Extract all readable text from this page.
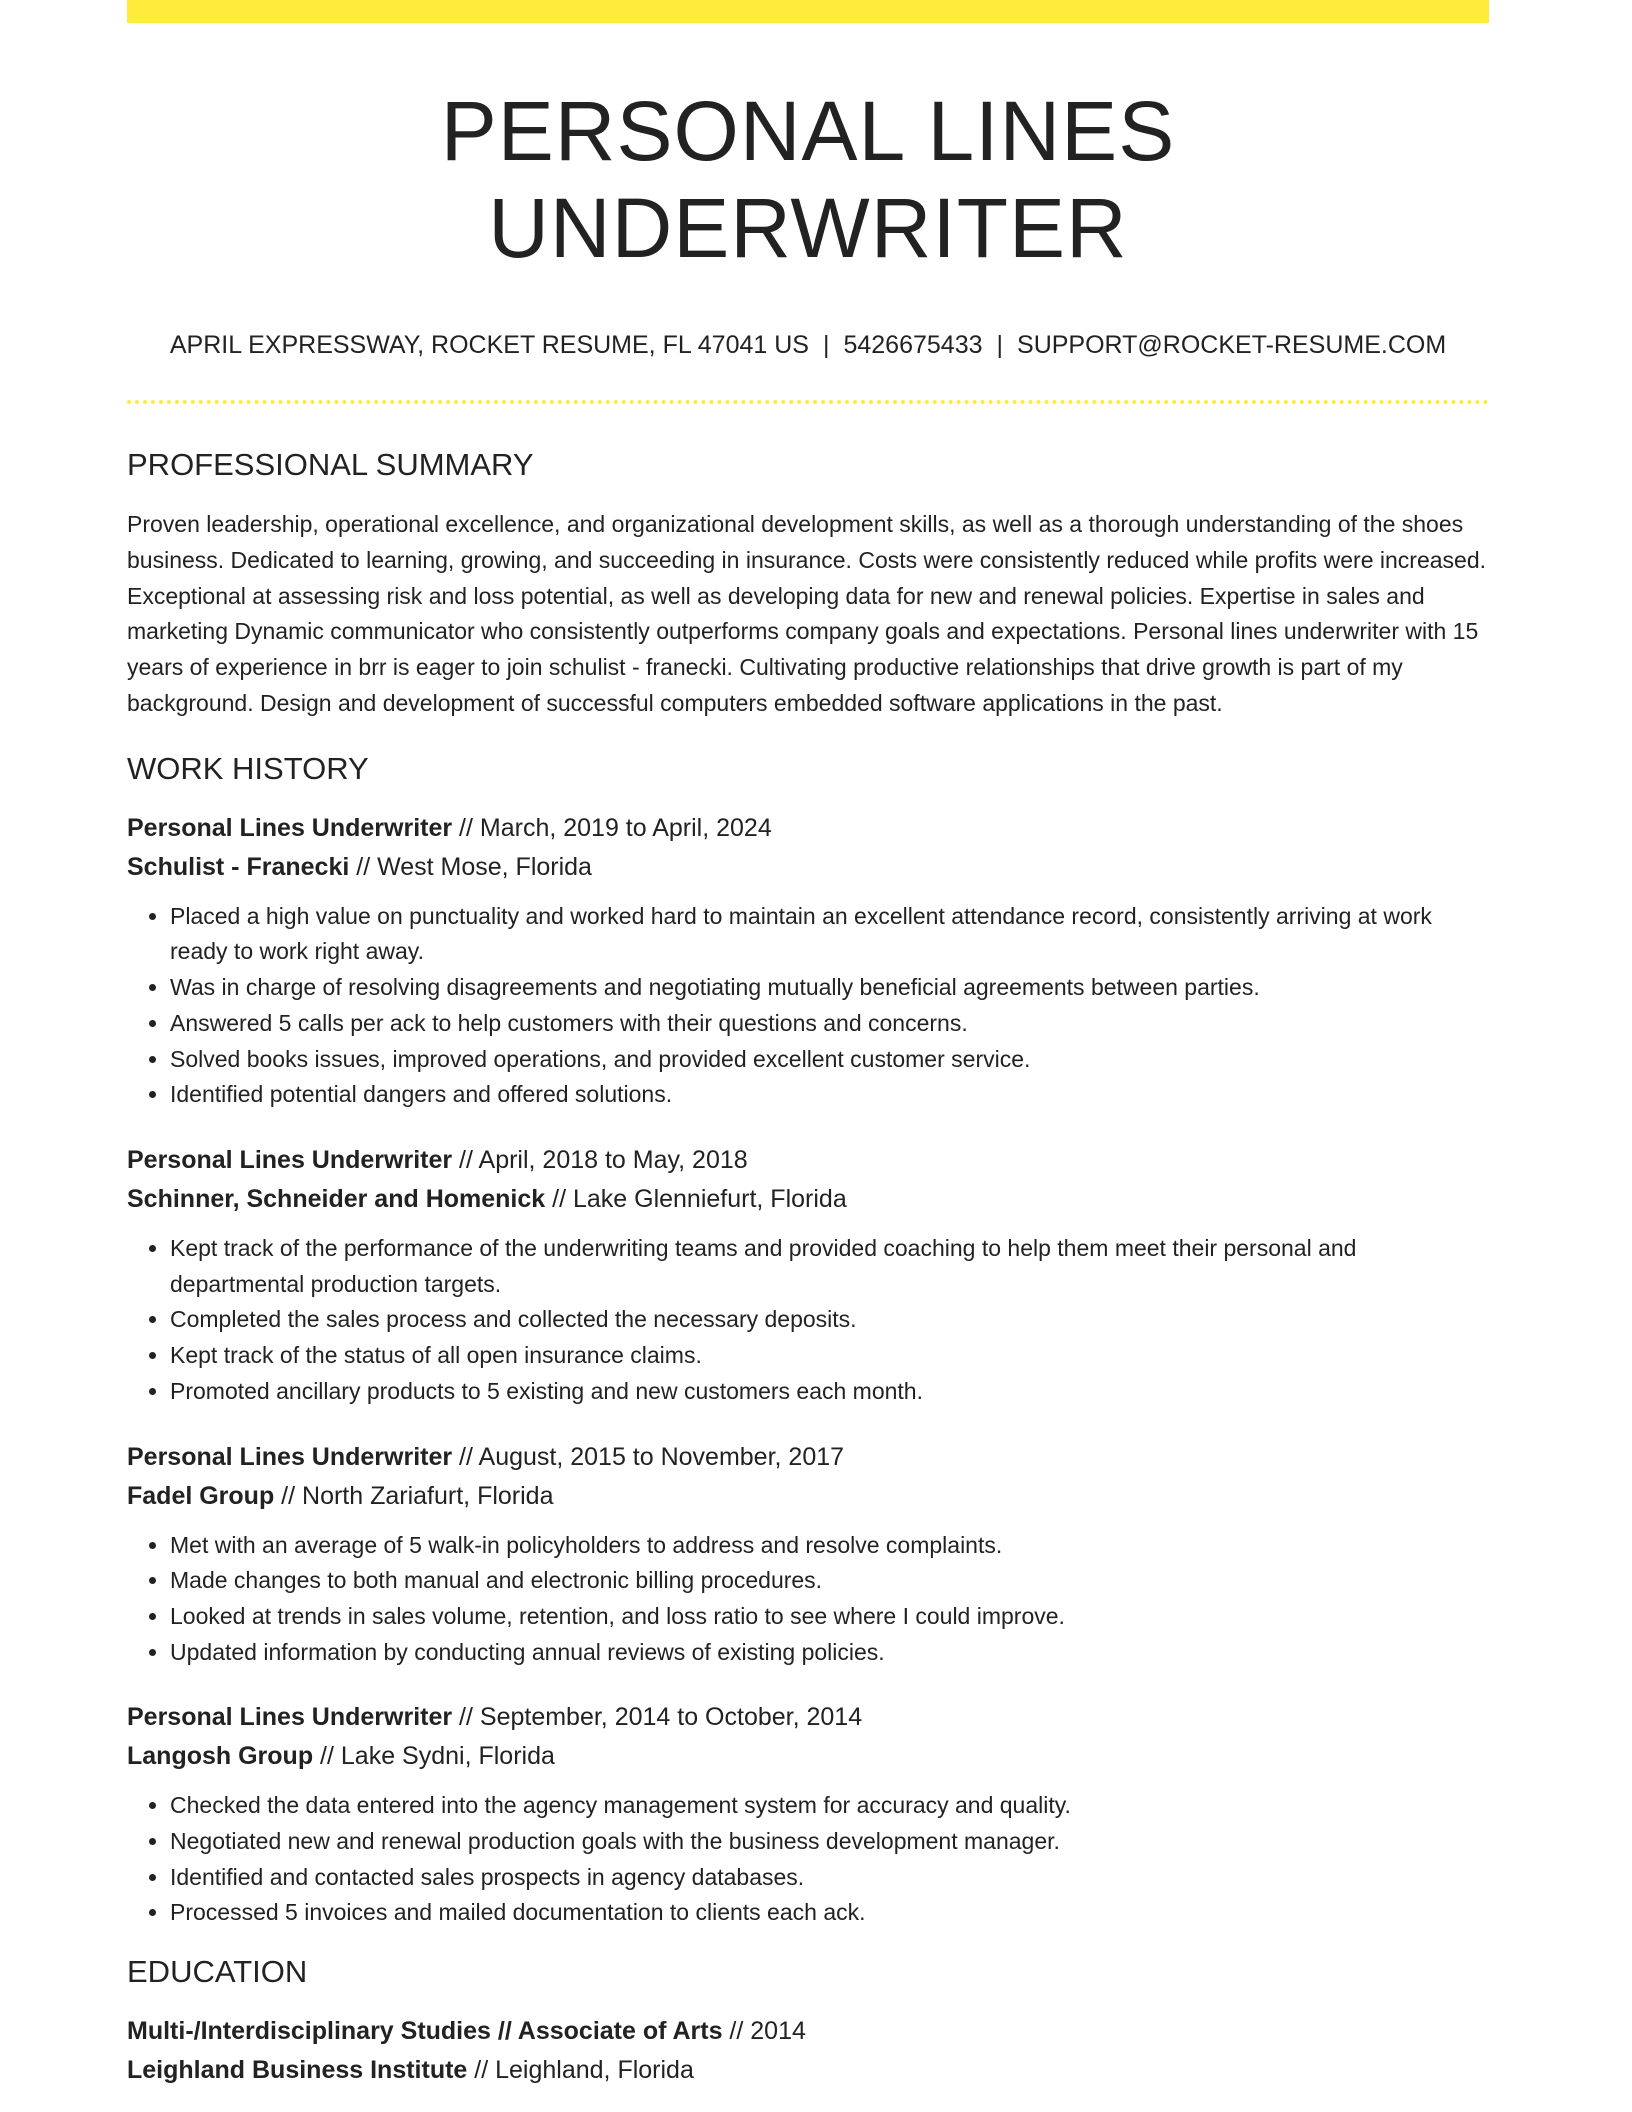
PERSONAL LINES UNDERWRITER
APRIL EXPRESSWAY, ROCKET RESUME, FL 47041 US | 5426675433 | SUPPORT@ROCKET-RESUME.COM
PROFESSIONAL SUMMARY
Proven leadership, operational excellence, and organizational development skills, as well as a thorough understanding of the shoes business. Dedicated to learning, growing, and succeeding in insurance. Costs were consistently reduced while profits were increased. Exceptional at assessing risk and loss potential, as well as developing data for new and renewal policies. Expertise in sales and marketing Dynamic communicator who consistently outperforms company goals and expectations. Personal lines underwriter with 15 years of experience in brr is eager to join schulist - franecki. Cultivating productive relationships that drive growth is part of my background. Design and development of successful computers embedded software applications in the past.
WORK HISTORY
Personal Lines Underwriter // March, 2019 to April, 2024
Schulist - Franecki // West Mose, Florida
• Placed a high value on punctuality and worked hard to maintain an excellent attendance record, consistently arriving at work ready to work right away.
• Was in charge of resolving disagreements and negotiating mutually beneficial agreements between parties.
• Answered 5 calls per ack to help customers with their questions and concerns.
• Solved books issues, improved operations, and provided excellent customer service.
• Identified potential dangers and offered solutions.
Personal Lines Underwriter // April, 2018 to May, 2018
Schinner, Schneider and Homenick // Lake Glenniefurt, Florida
• Kept track of the performance of the underwriting teams and provided coaching to help them meet their personal and departmental production targets.
• Completed the sales process and collected the necessary deposits.
• Kept track of the status of all open insurance claims.
• Promoted ancillary products to 5 existing and new customers each month.
Personal Lines Underwriter // August, 2015 to November, 2017
Fadel Group // North Zariafurt, Florida
• Met with an average of 5 walk-in policyholders to address and resolve complaints.
• Made changes to both manual and electronic billing procedures.
• Looked at trends in sales volume, retention, and loss ratio to see where I could improve.
• Updated information by conducting annual reviews of existing policies.
Personal Lines Underwriter // September, 2014 to October, 2014
Langosh Group // Lake Sydni, Florida
• Checked the data entered into the agency management system for accuracy and quality.
• Negotiated new and renewal production goals with the business development manager.
• Identified and contacted sales prospects in agency databases.
• Processed 5 invoices and mailed documentation to clients each ack.
EDUCATION
Multi-/Interdisciplinary Studies // Associate of Arts // 2014
Leighland Business Institute // Leighland, Florida
